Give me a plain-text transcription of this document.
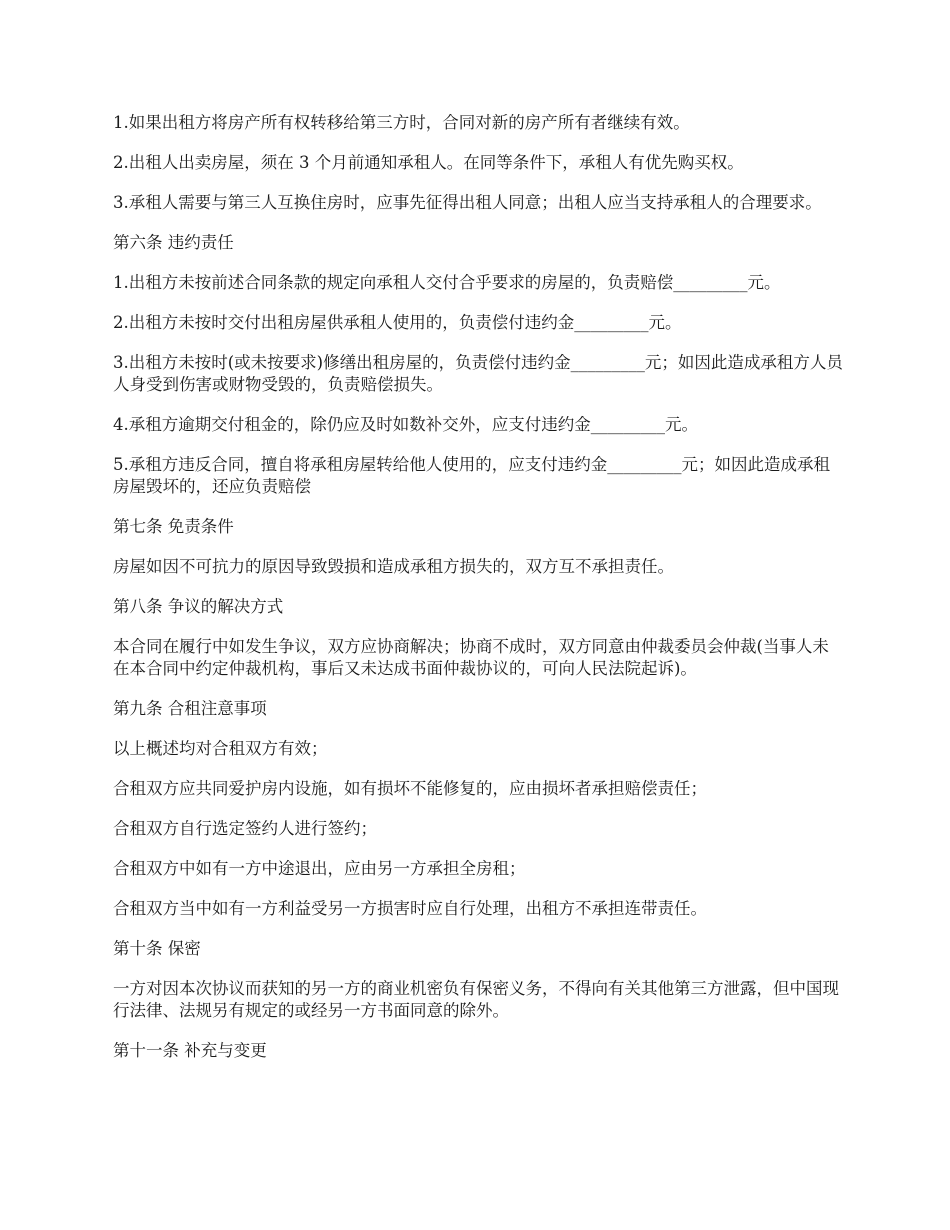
1.如果出租方将房产所有权转移给第三方时，合同对新的房产所有者继续有效。

2.出租人出卖房屋，须在 3 个月前通知承租人。在同等条件下，承租人有优先购买权。

3.承租人需要与第三人互换住房时，应事先征得出租人同意；出租人应当支持承租人的合理要求。

第六条 违约责任

1.出租方未按前述合同条款的规定向承租人交付合乎要求的房屋的，负责赔偿_________元。

2.出租方未按时交付出租房屋供承租人使用的，负责偿付违约金_________元。

3.出租方未按时(或未按要求)修缮出租房屋的，负责偿付违约金_________元；如因此造成承租方人员人身受到伤害或财物受毁的，负责赔偿损失。

4.承租方逾期交付租金的，除仍应及时如数补交外，应支付违约金_________元。

5.承租方违反合同，擅自将承租房屋转给他人使用的，应支付违约金_________元；如因此造成承租房屋毁坏的，还应负责赔偿

第七条 免责条件

房屋如因不可抗力的原因导致毁损和造成承租方损失的，双方互不承担责任。

第八条 争议的解决方式

本合同在履行中如发生争议，双方应协商解决；协商不成时，双方同意由仲裁委员会仲裁(当事人未在本合同中约定仲裁机构，事后又未达成书面仲裁协议的，可向人民法院起诉)。

第九条 合租注意事项

以上概述均对合租双方有效；

合租双方应共同爱护房内设施，如有损坏不能修复的，应由损坏者承担赔偿责任；

合租双方自行选定签约人进行签约；

合租双方中如有一方中途退出，应由另一方承担全房租；

合租双方当中如有一方利益受另一方损害时应自行处理，出租方不承担连带责任。

第十条 保密

一方对因本次协议而获知的另一方的商业机密负有保密义务，不得向有关其他第三方泄露，但中国现行法律、法规另有规定的或经另一方书面同意的除外。

第十一条 补充与变更
